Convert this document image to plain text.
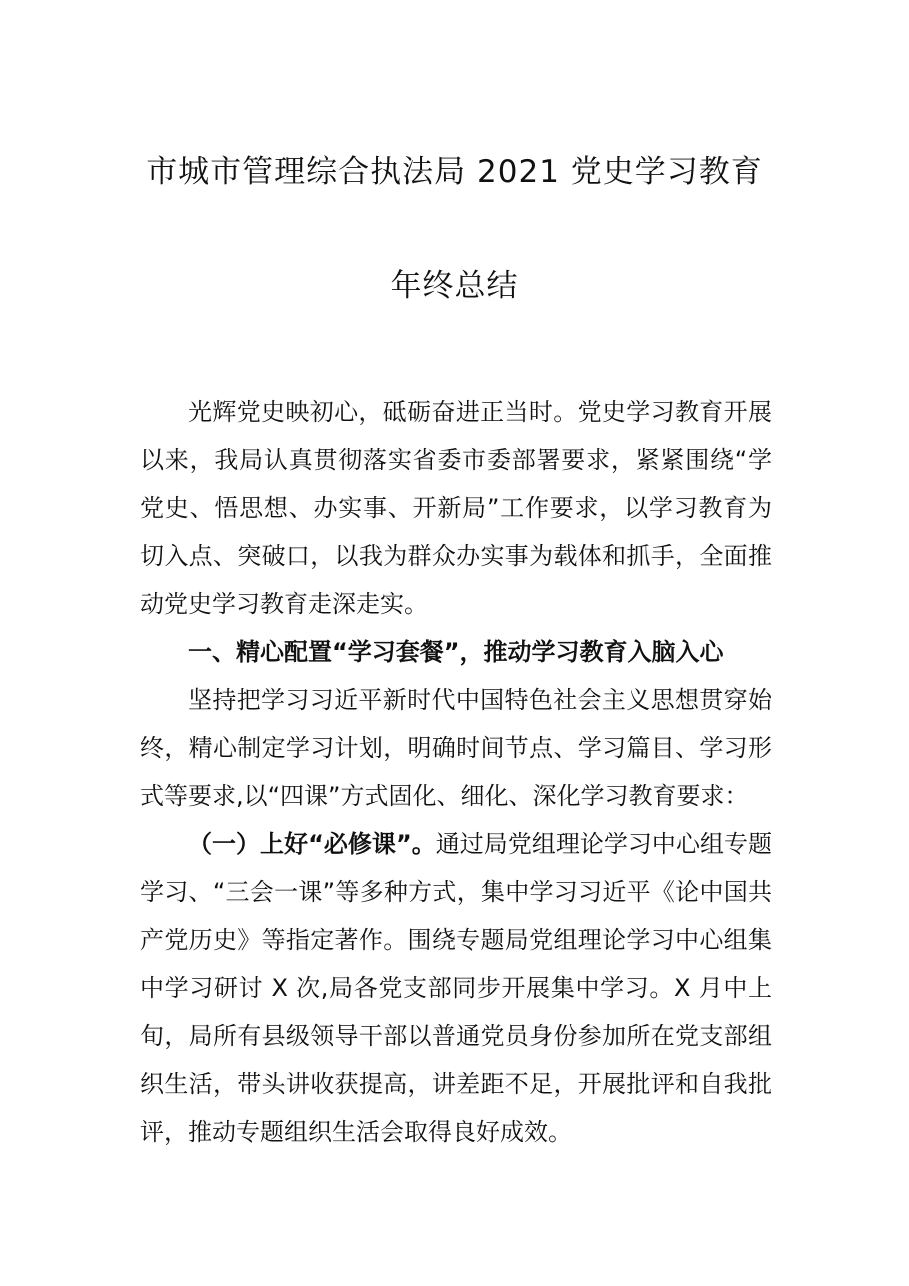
市城市管理综合执法局 2021 党史学习教育
年终总结

光辉党史映初心，砥砺奋进正当时。党史学习教育开展以来，我局认真贯彻落实省委市委部署要求，紧紧围绕“学党史、悟思想、办实事、开新局”工作要求，以学习教育为切入点、突破口，以我为群众办实事为载体和抓手，全面推动党史学习教育走深走实。

一、精心配置“学习套餐”，推动学习教育入脑入心

坚持把学习习近平新时代中国特色社会主义思想贯穿始终，精心制定学习计划，明确时间节点、学习篇目、学习形式等要求,以“四课”方式固化、细化、深化学习教育要求：

（一）上好“必修课”。通过局党组理论学习中心组专题学习、“三会一课”等多种方式，集中学习习近平《论中国共产党历史》等指定著作。围绕专题局党组理论学习中心组集中学习研讨 X 次,局各党支部同步开展集中学习。X 月中上旬，局所有县级领导干部以普通党员身份参加所在党支部组织生活，带头讲收获提高，讲差距不足，开展批评和自我批评，推动专题组织生活会取得良好成效。
